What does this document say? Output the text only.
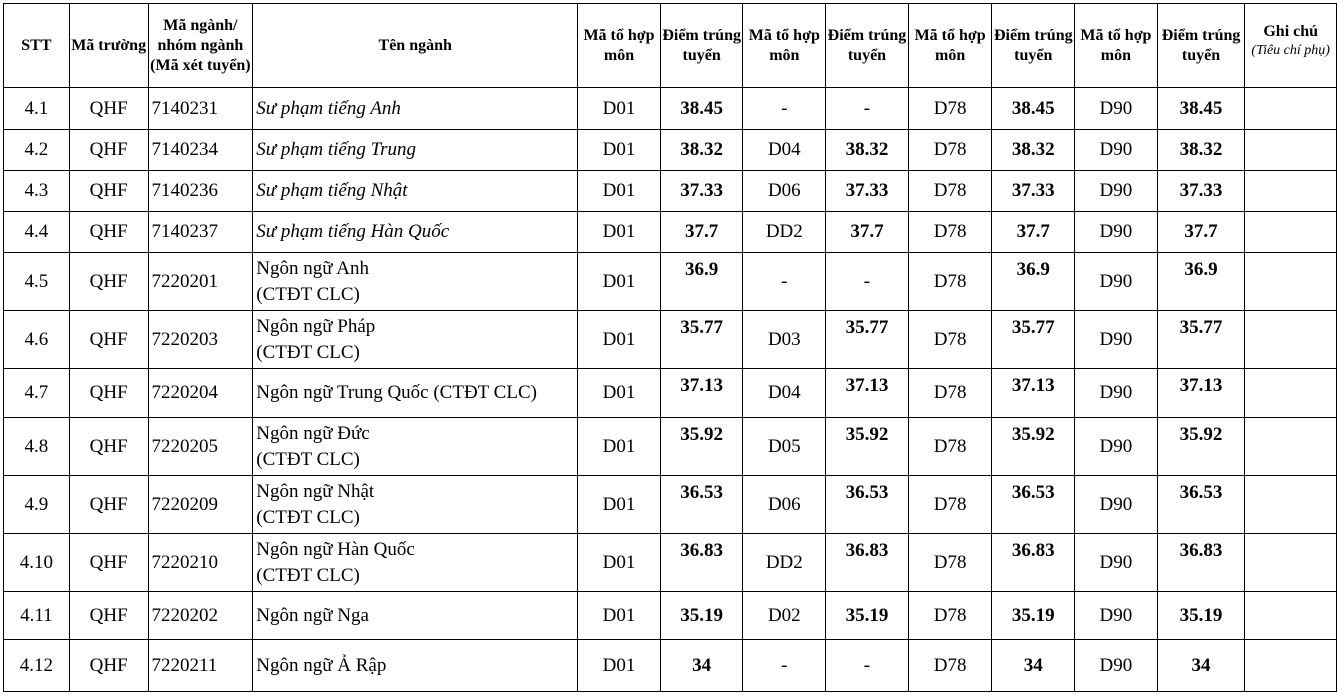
STT	Mã trường	Mã ngành/ nhóm ngành (Mã xét tuyển)	Tên ngành	Mã tổ hợp môn	Điểm trúng tuyển	Mã tổ hợp môn	Điểm trúng tuyển	Mã tổ hợp môn	Điểm trúng tuyển	Mã tổ hợp môn	Điểm trúng tuyển	Ghi chú
(Tiêu chí phụ)

4.1	QHF	7140231	Sư phạm tiếng Anh	D01	38.45	-	-	D78	38.45	D90	38.45	
4.2	QHF	7140234	Sư phạm tiếng Trung	D01	38.32	D04	38.32	D78	38.32	D90	38.32	
4.3	QHF	7140236	Sư phạm tiếng Nhật	D01	37.33	D06	37.33	D78	37.33	D90	37.33	
4.4	QHF	7140237	Sư phạm tiếng Hàn Quốc	D01	37.7	DD2	37.7	D78	37.7	D90	37.7	
4.5	QHF	7220201	Ngôn ngữ Anh
(CTĐT CLC)	D01	36.9	-	-	D78	36.9	D90	36.9	
4.6	QHF	7220203	Ngôn ngữ Pháp
(CTĐT CLC)	D01	35.77	D03	35.77	D78	35.77	D90	35.77	
4.7	QHF	7220204	Ngôn ngữ Trung Quốc (CTĐT CLC)	D01	37.13	D04	37.13	D78	37.13	D90	37.13	
4.8	QHF	7220205	Ngôn ngữ Đức
(CTĐT CLC)	D01	35.92	D05	35.92	D78	35.92	D90	35.92	
4.9	QHF	7220209	Ngôn ngữ Nhật
(CTĐT CLC)	D01	36.53	D06	36.53	D78	36.53	D90	36.53	
4.10	QHF	7220210	Ngôn ngữ Hàn Quốc
(CTĐT CLC)	D01	36.83	DD2	36.83	D78	36.83	D90	36.83	
4.11	QHF	7220202	Ngôn ngữ Nga	D01	35.19	D02	35.19	D78	35.19	D90	35.19	
4.12	QHF	7220211	Ngôn ngữ Ả Rập	D01	34	-	-	D78	34	D90	34	
